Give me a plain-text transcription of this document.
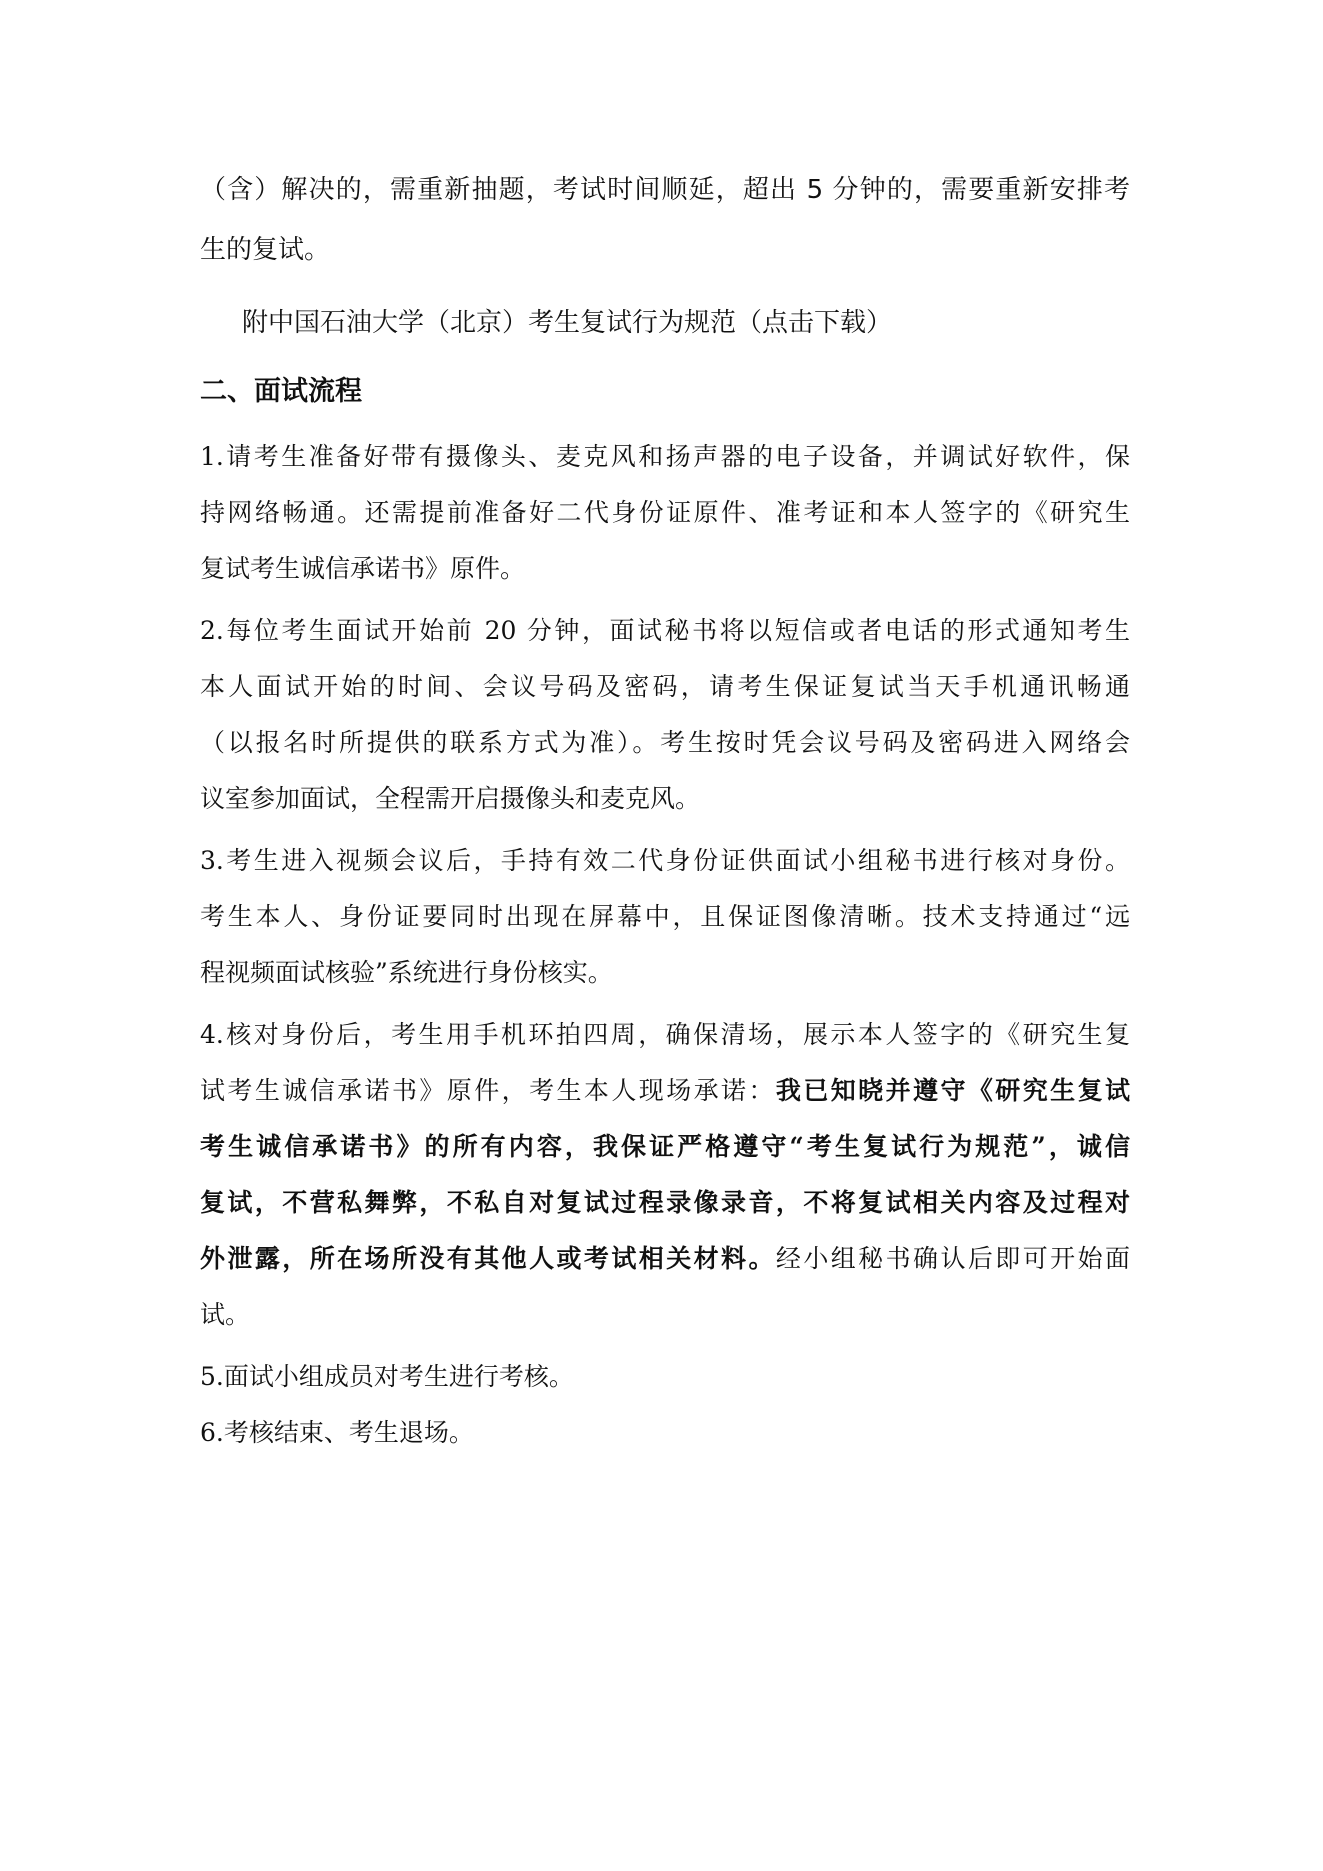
（含）解决的，需重新抽题，考试时间顺延，超出 5 分钟的，需要重新安排考
生的复试。
附中国石油大学（北京）考生复试行为规范（点击下载）
二、面试流程
1.请考生准备好带有摄像头、麦克风和扬声器的电子设备，并调试好软件，保
持网络畅通。还需提前准备好二代身份证原件、准考证和本人签字的《研究生
复试考生诚信承诺书》原件。
2.每位考生面试开始前 20 分钟，面试秘书将以短信或者电话的形式通知考生
本人面试开始的时间、会议号码及密码，请考生保证复试当天手机通讯畅通
（以报名时所提供的联系方式为准）。考生按时凭会议号码及密码进入网络会
议室参加面试，全程需开启摄像头和麦克风。
3.考生进入视频会议后，手持有效二代身份证供面试小组秘书进行核对身份。
考生本人、身份证要同时出现在屏幕中，且保证图像清晰。技术支持通过“远
程视频面试核验”系统进行身份核实。
4.核对身份后，考生用手机环拍四周，确保清场，展示本人签字的《研究生复
试考生诚信承诺书》原件，考生本人现场承诺：我已知晓并遵守《研究生复试
考生诚信承诺书》的所有内容，我保证严格遵守“考生复试行为规范”，诚信
复试，不营私舞弊，不私自对复试过程录像录音，不将复试相关内容及过程对
外泄露，所在场所没有其他人或考试相关材料。经小组秘书确认后即可开始面
试。
5.面试小组成员对考生进行考核。
6.考核结束、考生退场。
